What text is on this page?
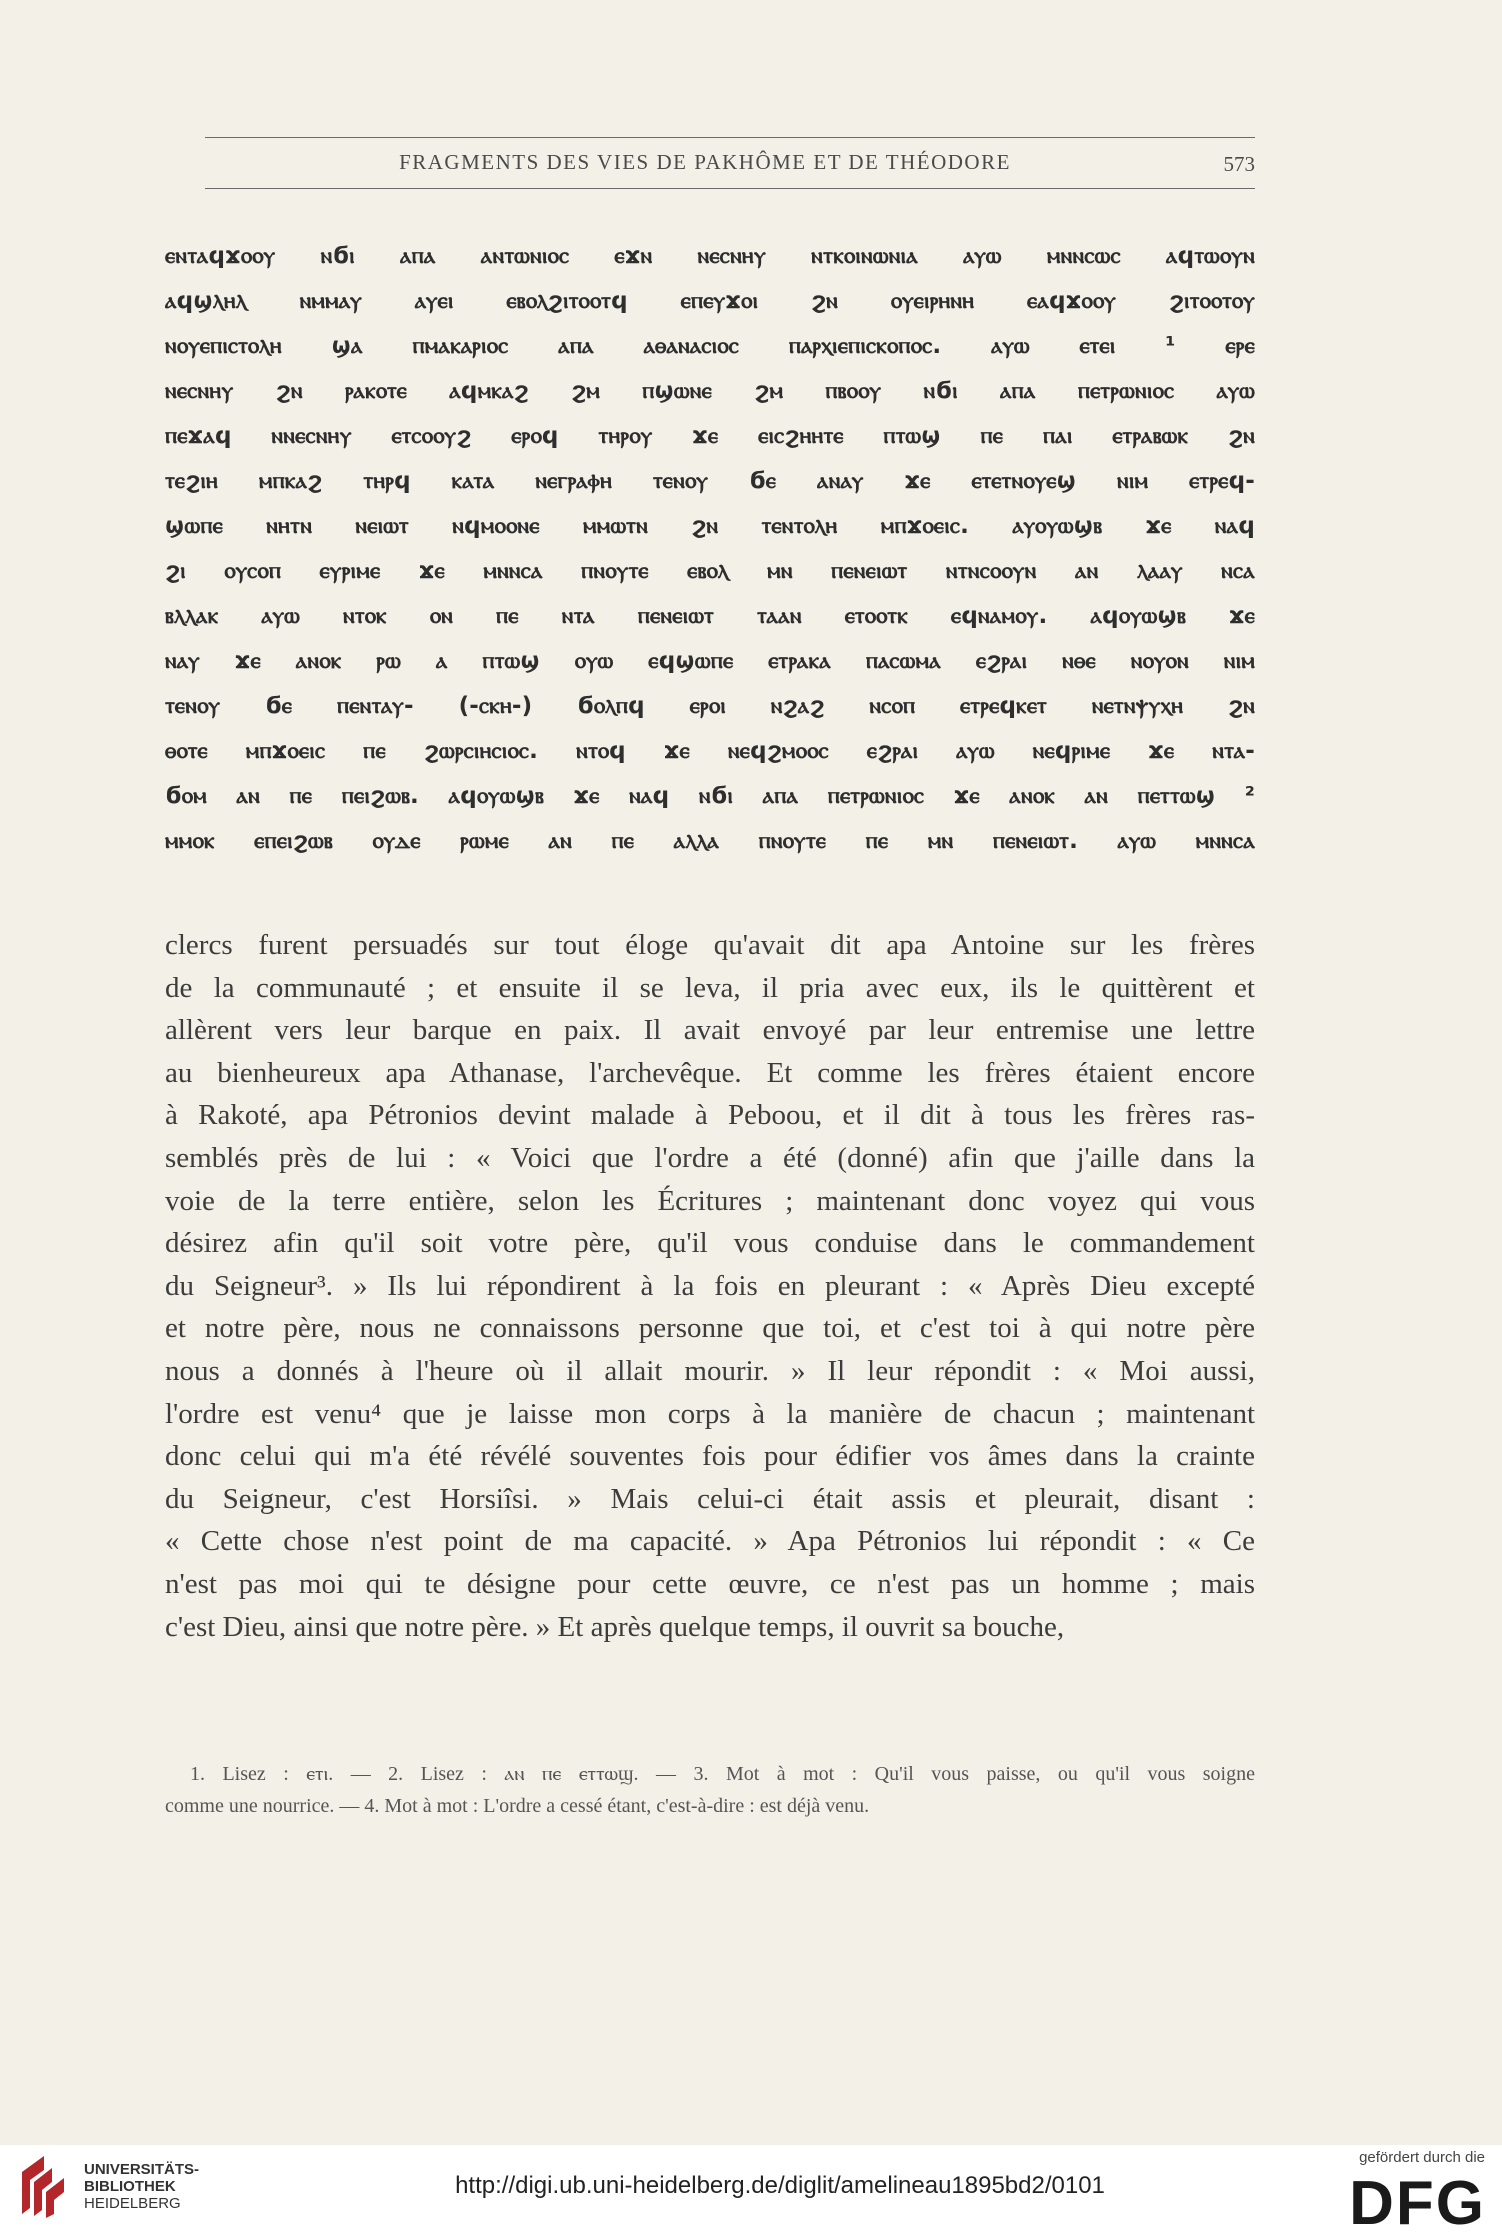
FRAGMENTS DES VIES DE PAKHÔME ET DE THÉODORE	573
ⲉⲛⲧⲁϥϫⲟⲟⲩ ⲛϭⲓ ⲁⲡⲁ ⲁⲛⲧⲱⲛⲓⲟⲥ ⲉϫⲛ ⲛⲉⲥⲛⲏⲩ ⲛⲧⲕⲟⲓⲛⲱⲛⲓⲁ ⲁⲩⲱ ⲙⲛⲛⲥⲱⲥ ⲁϥⲧⲱⲟⲩⲛ
ⲁϥϣⲗⲏⲗ ⲛⲙⲙⲁⲩ ⲁⲩⲉⲓ ⲉⲃⲟⲗϩⲓⲧⲟⲟⲧϥ ⲉⲡⲉⲩϫⲟⲓ ϩⲛ ⲟⲩⲉⲓⲣⲏⲛⲏ ⲉⲁϥϫⲟⲟⲩ ϩⲓⲧⲟⲟⲧⲟⲩ
ⲛⲟⲩⲉⲡⲓⲥⲧⲟⲗⲏ ϣⲁ ⲡⲙⲁⲕⲁⲣⲓⲟⲥ ⲁⲡⲁ ⲁⲑⲁⲛⲁⲥⲓⲟⲥ ⲡⲁⲣⲭⲓⲉⲡⲓⲥⲕⲟⲡⲟⲥ. ⲁⲩⲱ ⲉⲧⲉⲓ ¹ ⲉⲣⲉ
ⲛⲉⲥⲛⲏⲩ ϩⲛ ⲣⲁⲕⲟⲧⲉ ⲁϥⲙⲕⲁϩ ϩⲙ ⲡϣⲱⲛⲉ ϩⲙ ⲡⲃⲟⲟⲩ ⲛϭⲓ ⲁⲡⲁ ⲡⲉⲧⲣⲱⲛⲓⲟⲥ ⲁⲩⲱ
ⲡⲉϫⲁϥ ⲛⲛⲉⲥⲛⲏⲩ ⲉⲧⲥⲟⲟⲩϩ ⲉⲣⲟϥ ⲧⲏⲣⲟⲩ ϫⲉ ⲉⲓⲥϩⲏⲏⲧⲉ ⲡⲧⲱϣ ⲡⲉ ⲡⲁⲓ ⲉⲧⲣⲁⲃⲱⲕ ϩⲛ
ⲧⲉϩⲓⲏ ⲙⲡⲕⲁϩ ⲧⲏⲣϥ ⲕⲁⲧⲁ ⲛⲉⲅⲣⲁⲫⲏ ⲧⲉⲛⲟⲩ ϭⲉ ⲁⲛⲁⲩ ϫⲉ ⲉⲧⲉⲧⲛⲟⲩⲉϣ ⲛⲓⲙ ⲉⲧⲣⲉϥ-
ϣⲱⲡⲉ ⲛⲏⲧⲛ ⲛⲉⲓⲱⲧ ⲛϥⲙⲟⲟⲛⲉ ⲙⲙⲱⲧⲛ ϩⲛ ⲧⲉⲛⲧⲟⲗⲏ ⲙⲡϫⲟⲉⲓⲥ. ⲁⲩⲟⲩⲱϣⲃ ϫⲉ ⲛⲁϥ
ϩⲓ ⲟⲩⲥⲟⲡ ⲉⲩⲣⲓⲙⲉ ϫⲉ ⲙⲛⲛⲥⲁ ⲡⲛⲟⲩⲧⲉ ⲉⲃⲟⲗ ⲙⲛ ⲡⲉⲛⲉⲓⲱⲧ ⲛⲧⲛⲥⲟⲟⲩⲛ ⲁⲛ ⲗⲁⲁⲩ ⲛⲥⲁ
ⲃⲗⲗⲁⲕ ⲁⲩⲱ ⲛⲧⲟⲕ ⲟⲛ ⲡⲉ ⲛⲧⲁ ⲡⲉⲛⲉⲓⲱⲧ ⲧⲁⲁⲛ ⲉⲧⲟⲟⲧⲕ ⲉϥⲛⲁⲙⲟⲩ. ⲁϥⲟⲩⲱϣⲃ ϫⲉ
ⲛⲁⲩ ϫⲉ ⲁⲛⲟⲕ ⲣⲱ ⲁ ⲡⲧⲱϣ ⲟⲩⲱ ⲉϥϣⲱⲡⲉ ⲉⲧⲣⲁⲕⲁ ⲡⲁⲥⲱⲙⲁ ⲉϩⲣⲁⲓ ⲛⲑⲉ ⲛⲟⲩⲟⲛ ⲛⲓⲙ
ⲧⲉⲛⲟⲩ ϭⲉ ⲡⲉⲛⲧⲁⲩ- (-ⲥⲕⲏ-) ϭⲟⲗⲡϥ ⲉⲣⲟⲓ ⲛϩⲁϩ ⲛⲥⲟⲡ ⲉⲧⲣⲉϥⲕⲉⲧ ⲛⲉⲧⲛⲯⲩⲭⲏ ϩⲛ
ⲑⲟⲧⲉ ⲙⲡϫⲟⲉⲓⲥ ⲡⲉ ϩⲱⲣⲥⲓⲏⲥⲓⲟⲥ. ⲛⲧⲟϥ ϫⲉ ⲛⲉϥϩⲙⲟⲟⲥ ⲉϩⲣⲁⲓ ⲁⲩⲱ ⲛⲉϥⲣⲓⲙⲉ ϫⲉ ⲛⲧⲁ-
ϭⲟⲙ ⲁⲛ ⲡⲉ ⲡⲉⲓϩⲱⲃ. ⲁϥⲟⲩⲱϣⲃ ϫⲉ ⲛⲁϥ ⲛϭⲓ ⲁⲡⲁ ⲡⲉⲧⲣⲱⲛⲓⲟⲥ ϫⲉ ⲁⲛⲟⲕ ⲁⲛ ⲡⲉⲧⲧⲱϣ ²
ⲙⲙⲟⲕ ⲉⲡⲉⲓϩⲱⲃ ⲟⲩⲇⲉ ⲣⲱⲙⲉ ⲁⲛ ⲡⲉ ⲁⲗⲗⲁ ⲡⲛⲟⲩⲧⲉ ⲡⲉ ⲙⲛ ⲡⲉⲛⲉⲓⲱⲧ. ⲁⲩⲱ ⲙⲛⲛⲥⲁ
clercs furent persuadés sur tout éloge qu'avait dit apa Antoine sur les frères
de la communauté ; et ensuite il se leva, il pria avec eux, ils le quittèrent et
allèrent vers leur barque en paix. Il avait envoyé par leur entremise une lettre
au bienheureux apa Athanase, l'archevêque. Et comme les frères étaient encore
à Rakoté, apa Pétronios devint malade à Peboou, et il dit à tous les frères ras-
semblés près de lui : « Voici que l'ordre a été (donné) afin que j'aille dans la
voie de la terre entière, selon les Écritures ; maintenant donc voyez qui vous
désirez afin qu'il soit votre père, qu'il vous conduise dans le commandement
du Seigneur³. » Ils lui répondirent à la fois en pleurant : « Après Dieu excepté
et notre père, nous ne connaissons personne que toi, et c'est toi à qui notre père
nous a donnés à l'heure où il allait mourir. » Il leur répondit : « Moi aussi,
l'ordre est venu⁴ que je laisse mon corps à la manière de chacun ; maintenant
donc celui qui m'a été révélé souventes fois pour édifier vos âmes dans la crainte
du Seigneur, c'est Horsiîsi. » Mais celui-ci était assis et pleurait, disant :
« Cette chose n'est point de ma capacité. » Apa Pétronios lui répondit : « Ce
n'est pas moi qui te désigne pour cette œuvre, ce n'est pas un homme ; mais
c'est Dieu, ainsi que notre père. » Et après quelque temps, il ouvrit sa bouche,
1. Lisez : ⲉⲧⲓ. — 2. Lisez : ⲁⲛ ⲡⲉ ⲉⲧⲧⲱϣ. — 3. Mot à mot : Qu'il vous paisse, ou qu'il vous soigne
comme une nourrice. — 4. Mot à mot : L'ordre a cessé étant, c'est-à-dire : est déjà venu.
UNIVERSITÄTS-
BIBLIOTHEK
HEIDELBERG
http://digi.ub.uni-heidelberg.de/diglit/amelineau1895bd2/0101
gefördert durch die
DFG
